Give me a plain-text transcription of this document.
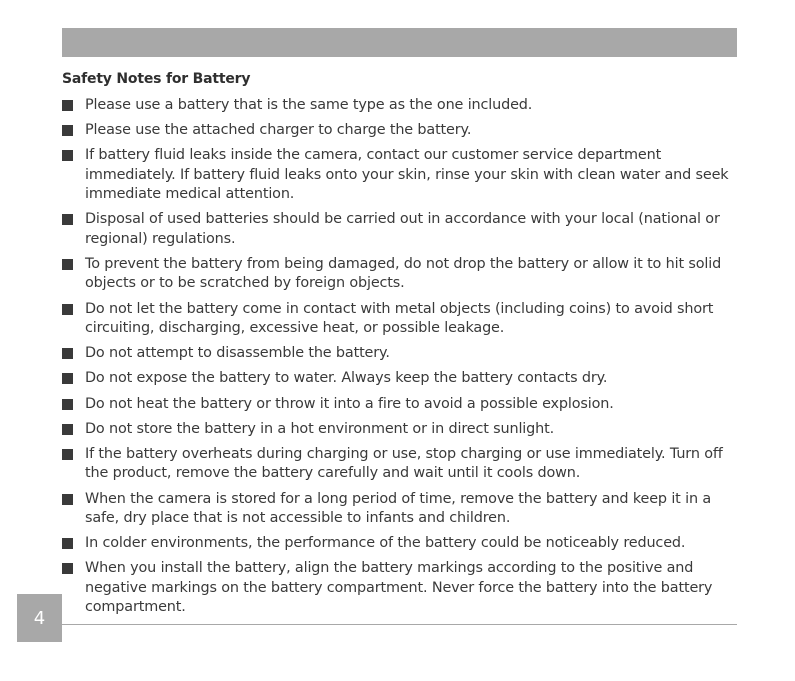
Safety Notes for Battery
Please use a battery that is the same type as the one included.
Please use the attached charger to charge the battery.
If battery fluid leaks inside the camera, contact our customer service department immediately. If battery fluid leaks onto your skin, rinse your skin with clean water and seek immediate medical attention.
Disposal of used batteries should be carried out in accordance with your local (national or regional) regulations.
To prevent the battery from being damaged, do not drop the battery or allow it to hit solid objects or to be scratched by foreign objects.
Do not let the battery come in contact with metal objects (including coins) to avoid short circuiting, discharging, excessive heat, or possible leakage.
Do not attempt to disassemble the battery.
Do not expose the battery to water. Always keep the battery contacts dry.
Do not heat the battery or throw it into a fire to avoid a possible explosion.
Do not store the battery in a hot environment or in direct sunlight.
If the battery overheats during charging or use, stop charging or use immediately. Turn off the product, remove the battery carefully and wait until it cools down.
When the camera is stored for a long period of time, remove the battery and keep it in a safe, dry place that is not accessible to infants and children.
In colder environments, the performance of the battery could be noticeably reduced.
When you install the battery, align the battery markings according to the positive and negative markings on the battery compartment. Never force the battery into the battery compartment.
4
